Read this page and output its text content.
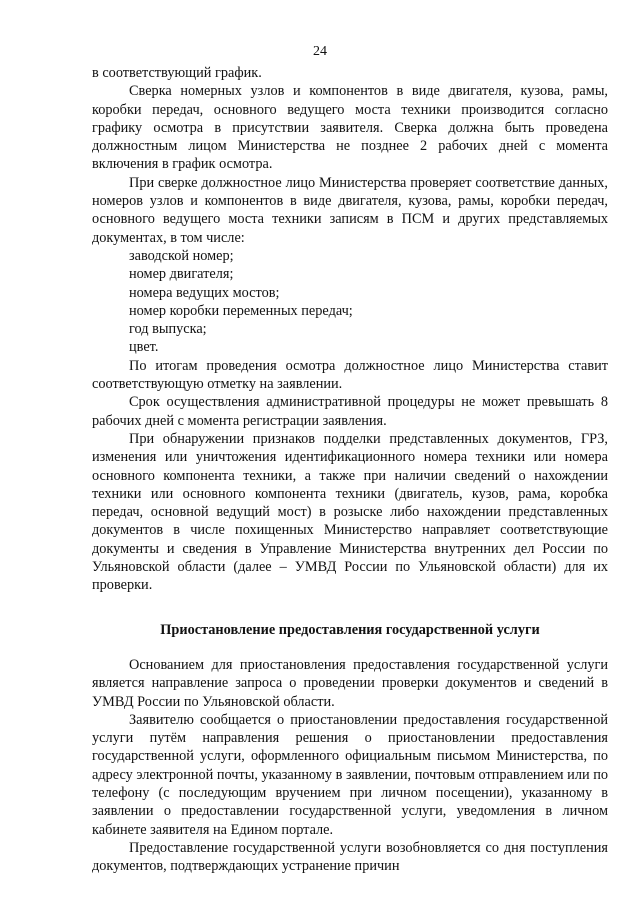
24

в соответствующий график.

Сверка номерных узлов и компонентов в виде двигателя, кузова, рамы, коробки передач, основного ведущего моста техники производится согласно графику осмотра в присутствии заявителя. Сверка должна быть проведена должностным лицом Министерства не позднее 2 рабочих дней с момента включения в график осмотра.

При сверке должностное лицо Министерства проверяет соответствие данных, номеров узлов и компонентов в виде двигателя, кузова, рамы, коробки передач, основного ведущего моста техники записям в ПСМ и других представляемых документах, в том числе:

заводской номер;

номер двигателя;

номера ведущих мостов;

номер коробки переменных передач;

год выпуска;

цвет.

По итогам проведения осмотра должностное лицо Министерства ставит соответствующую отметку на заявлении.

Срок осуществления административной процедуры не может превышать 8 рабочих дней с момента регистрации заявления.

При обнаружении признаков подделки представленных документов, ГРЗ, изменения или уничтожения идентификационного номера техники или номера основного компонента техники, а также при наличии сведений о нахождении техники или основного компонента техники (двигатель, кузов, рама, коробка передач, основной ведущий мост) в розыске либо нахождении представленных документов в числе похищенных Министерство направляет соответствующие документы и сведения в Управление Министерства внутренних дел России по Ульяновской области (далее – УМВД России по Ульяновской области) для их проверки.

Приостановление предоставления государственной услуги

Основанием для приостановления предоставления государственной услуги является направление запроса о проведении проверки документов и сведений в УМВД России по Ульяновской области.

Заявителю сообщается о приостановлении предоставления государственной услуги путём направления решения о приостановлении предоставления государственной услуги, оформленного официальным письмом Министерства, по адресу электронной почты, указанному в заявлении, почтовым отправлением или по телефону (с последующим вручением при личном посещении), указанному в заявлении о предоставлении государственной услуги, уведомления в личном кабинете заявителя на Едином портале.

Предоставление государственной услуги возобновляется со дня поступления документов, подтверждающих устранение причин
